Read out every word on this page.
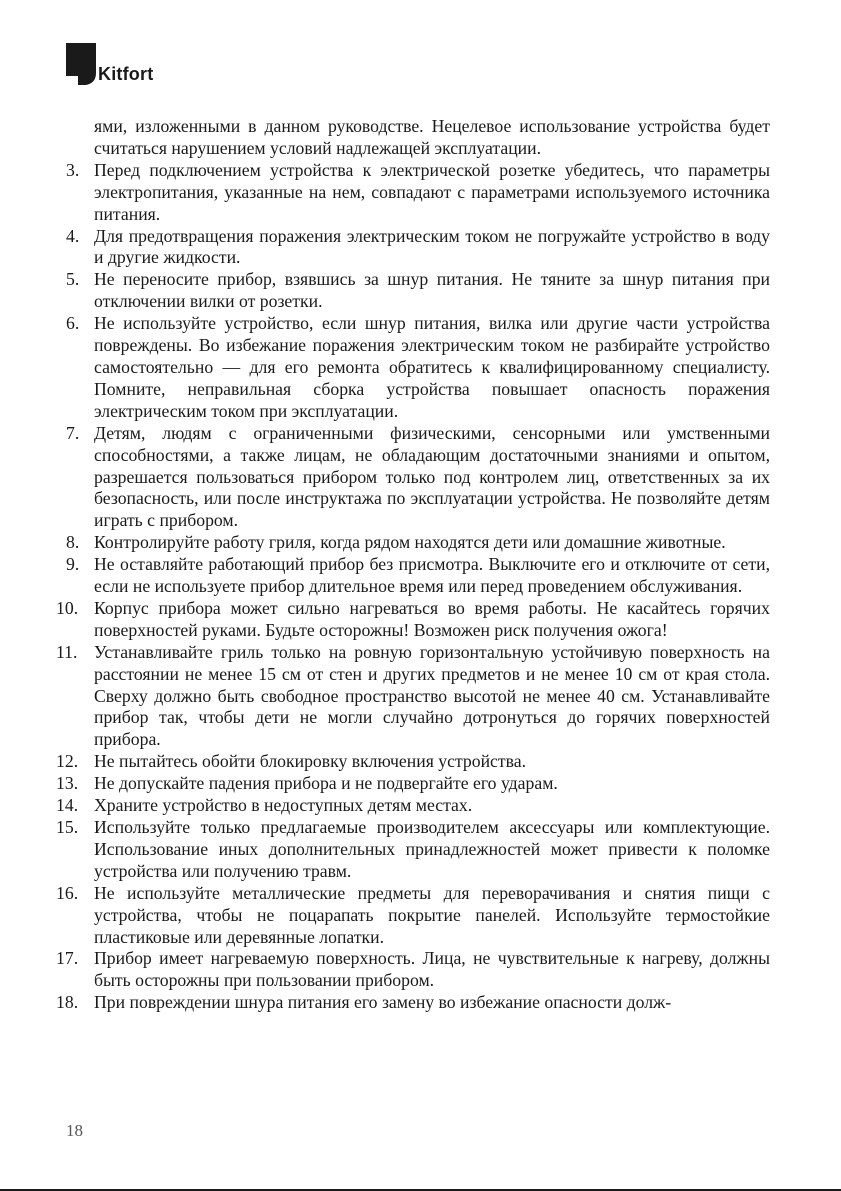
Kitfort

ями, изложенными в данном руководстве. Нецелевое использование устройства будет считаться нарушением условий надлежащей эксплуатации.

3. Перед подключением устройства к электрической розетке убедитесь, что параметры электропитания, указанные на нем, совпадают с параметрами используемого источника питания.
4. Для предотвращения поражения электрическим током не погружайте устройство в воду и другие жидкости.
5. Не переносите прибор, взявшись за шнур питания. Не тяните за шнур питания при отключении вилки от розетки.
6. Не используйте устройство, если шнур питания, вилка или другие части устройства повреждены. Во избежание поражения электрическим током не разбирайте устройство самостоятельно — для его ремонта обратитесь к квалифицированному специалисту. Помните, неправильная сборка устройства повышает опасность поражения электрическим током при эксплуатации.
7. Детям, людям с ограниченными физическими, сенсорными или умственными способностями, а также лицам, не обладающим достаточными знаниями и опытом, разрешается пользоваться прибором только под контролем лиц, ответственных за их безопасность, или после инструктажа по эксплуатации устройства. Не позволяйте детям играть с прибором.
8. Контролируйте работу гриля, когда рядом находятся дети или домашние животные.
9. Не оставляйте работающий прибор без присмотра. Выключите его и отключите от сети, если не используете прибор длительное время или перед проведением обслуживания.
10. Корпус прибора может сильно нагреваться во время работы. Не касайтесь горячих поверхностей руками. Будьте осторожны! Возможен риск получения ожога!
11. Устанавливайте гриль только на ровную горизонтальную устойчивую поверхность на расстоянии не менее 15 см от стен и других предметов и не менее 10 см от края стола. Сверху должно быть свободное пространство высотой не менее 40 см. Устанавливайте прибор так, чтобы дети не могли случайно дотронуться до горячих поверхностей прибора.
12. Не пытайтесь обойти блокировку включения устройства.
13. Не допускайте падения прибора и не подвергайте его ударам.
14. Храните устройство в недоступных детям местах.
15. Используйте только предлагаемые производителем аксессуары или комплектующие. Использование иных дополнительных принадлежностей может привести к поломке устройства или получению травм.
16. Не используйте металлические предметы для переворачивания и снятия пищи с устройства, чтобы не поцарапать покрытие панелей. Используйте термостойкие пластиковые или деревянные лопатки.
17. Прибор имеет нагреваемую поверхность. Лица, не чувствительные к нагреву, должны быть осторожны при пользовании прибором.
18. При повреждении шнура питания его замену во избежание опасности долж-
18
